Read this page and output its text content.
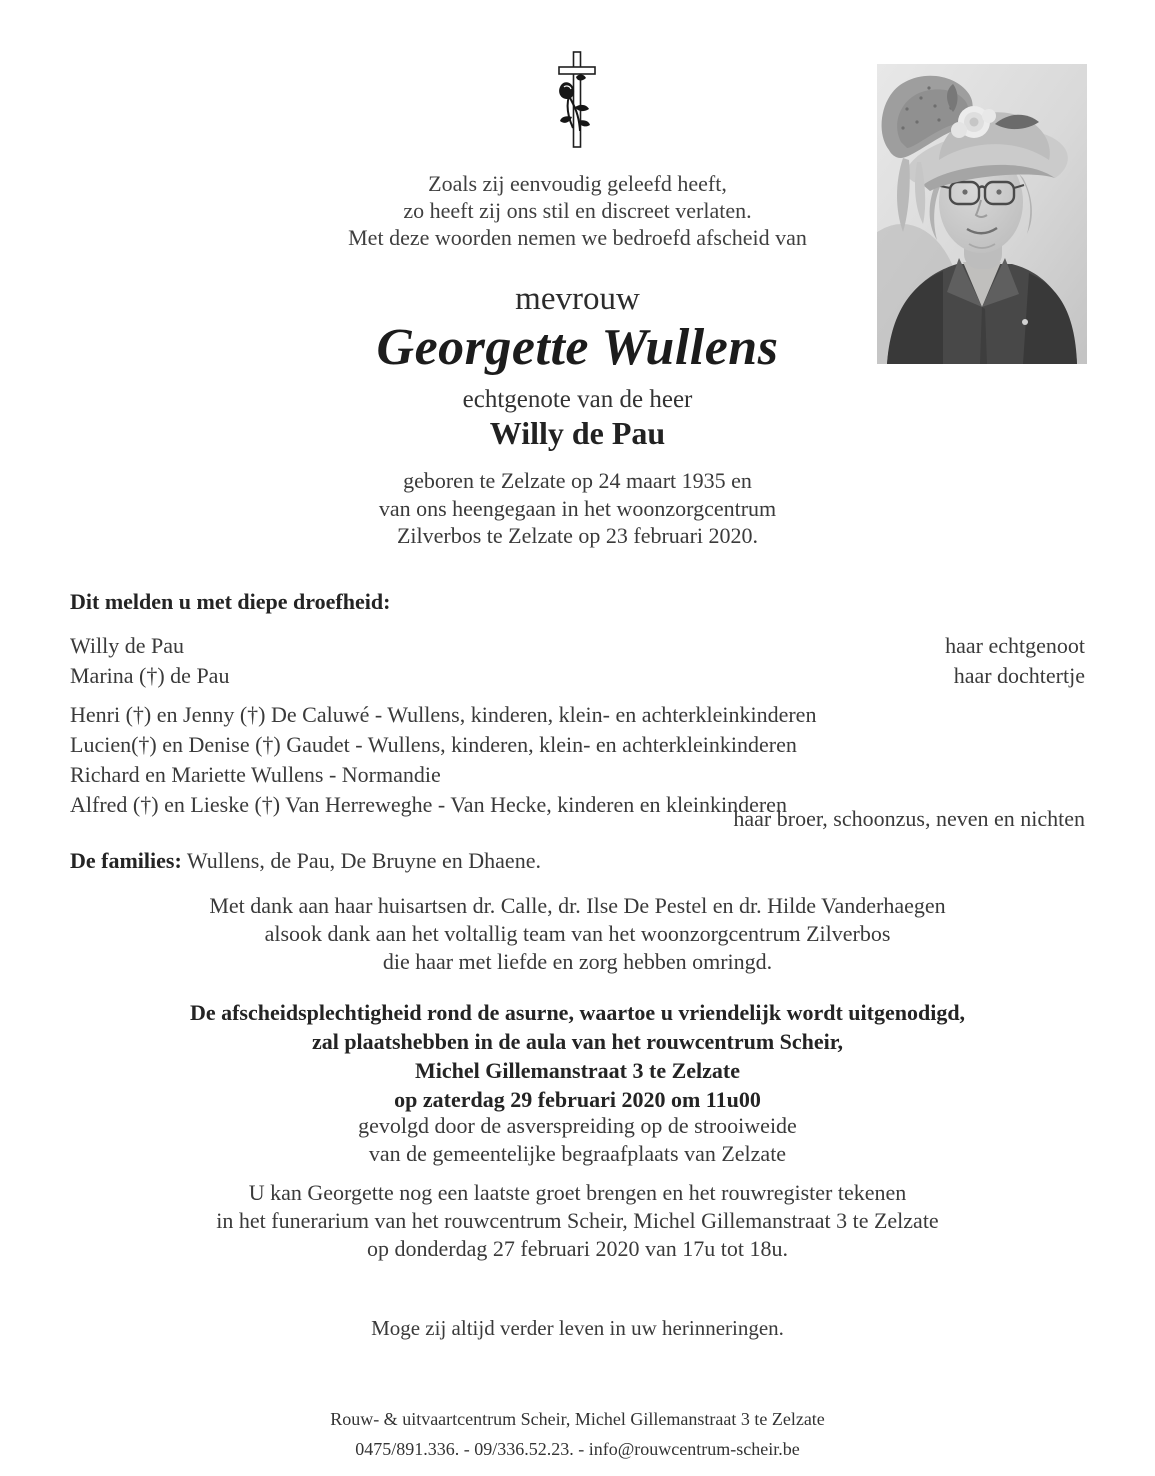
Zoals zij eenvoudig geleefd heeft,
zo heeft zij ons stil en discreet verlaten.
Met deze woorden nemen we bedroefd afscheid van
mevrouw
Georgette Wullens
echtgenote van de heer
Willy de Pau
geboren te Zelzate op 24 maart 1935 en
van ons heengegaan in het woonzorgcentrum
Zilverbos te Zelzate op 23 februari 2020.
Dit melden u met diepe droefheid:
Willy de Pau	haar echtgenoot
Marina (†) de Pau	haar dochtertje
Henri (†) en Jenny (†) De Caluwé - Wullens, kinderen, klein- en achterkleinkinderen
Lucien(†) en Denise (†) Gaudet - Wullens, kinderen, klein- en achterkleinkinderen
Richard en Mariette Wullens - Normandie
Alfred (†) en Lieske (†) Van Herreweghe - Van Hecke, kinderen en kleinkinderen
haar broer, schoonzus, neven en nichten
De families: Wullens, de Pau, De Bruyne en Dhaene.
Met dank aan haar huisartsen dr. Calle, dr. Ilse De Pestel en dr. Hilde Vanderhaegen
alsook dank aan het voltallig team van het woonzorgcentrum Zilverbos
die haar met liefde en zorg hebben omringd.
De afscheidsplechtigheid rond de asurne, waartoe u vriendelijk wordt uitgenodigd,
zal plaatshebben in de aula van het rouwcentrum Scheir,
Michel Gillemanstraat 3 te Zelzate
op zaterdag 29 februari 2020 om 11u00
gevolgd door de asverspreiding op de strooiweide
van de gemeentelijke begraafplaats van Zelzate
U kan Georgette nog een laatste groet brengen en het rouwregister tekenen
in het funerarium van het rouwcentrum Scheir, Michel Gillemanstraat 3 te Zelzate
op donderdag 27 februari 2020 van 17u tot 18u.
Moge zij altijd verder leven in uw herinneringen.
Rouw- & uitvaartcentrum Scheir, Michel Gillemanstraat 3 te Zelzate
0475/891.336. - 09/336.52.23. - info@rouwcentrum-scheir.be
